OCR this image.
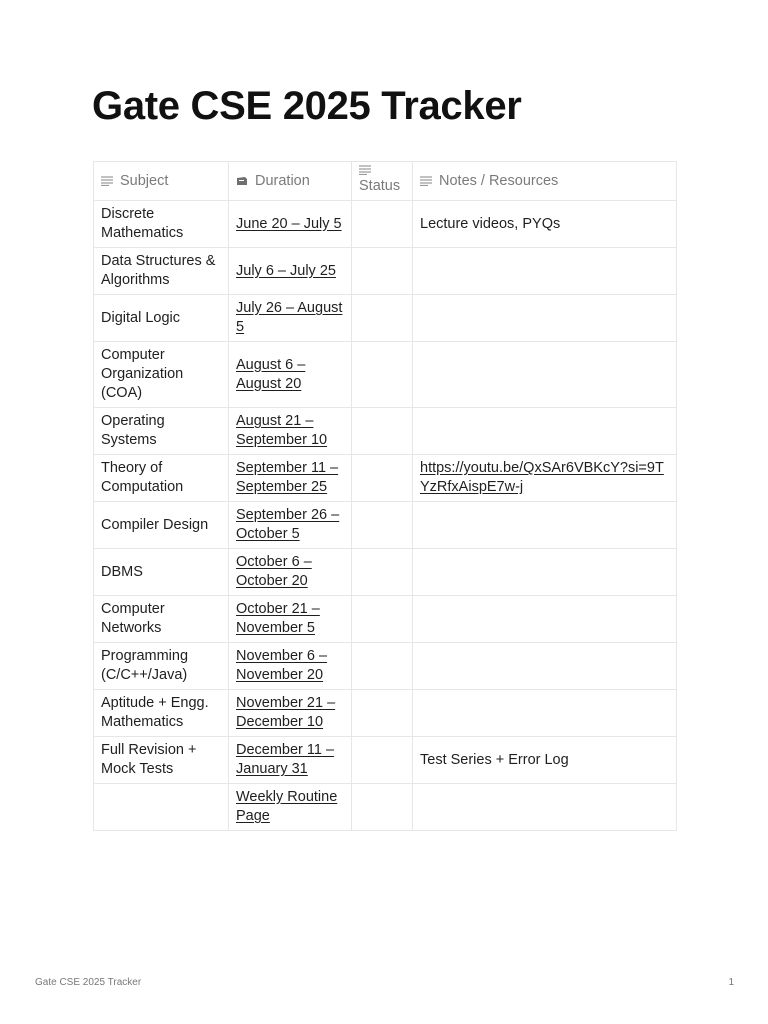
Gate CSE 2025 Tracker
Subject	Duration	Status	Notes / Resources
Discrete Mathematics	June 20 – July 5		Lecture videos, PYQs
Data Structures & Algorithms	July 6 – July 25		
Digital Logic	July 26 – August 5		
Computer Organization (COA)	August 6 – August 20		
Operating Systems	August 21 – September 10		
Theory of Computation	September 11 – September 25		https://youtu.be/QxSAr6VBKcY?si=9TYzRfxAispE7w-j
Compiler Design	September 26 – October 5		
DBMS	October 6 – October 20		
Computer Networks	October 21 – November 5		
Programming (C/C++/Java)	November 6 – November 20		
Aptitude + Engg. Mathematics	November 21 – December 10		
Full Revision + Mock Tests	December 11 – January 31		Test Series + Error Log
	Weekly Routine Page		
Gate CSE 2025 Tracker	1
